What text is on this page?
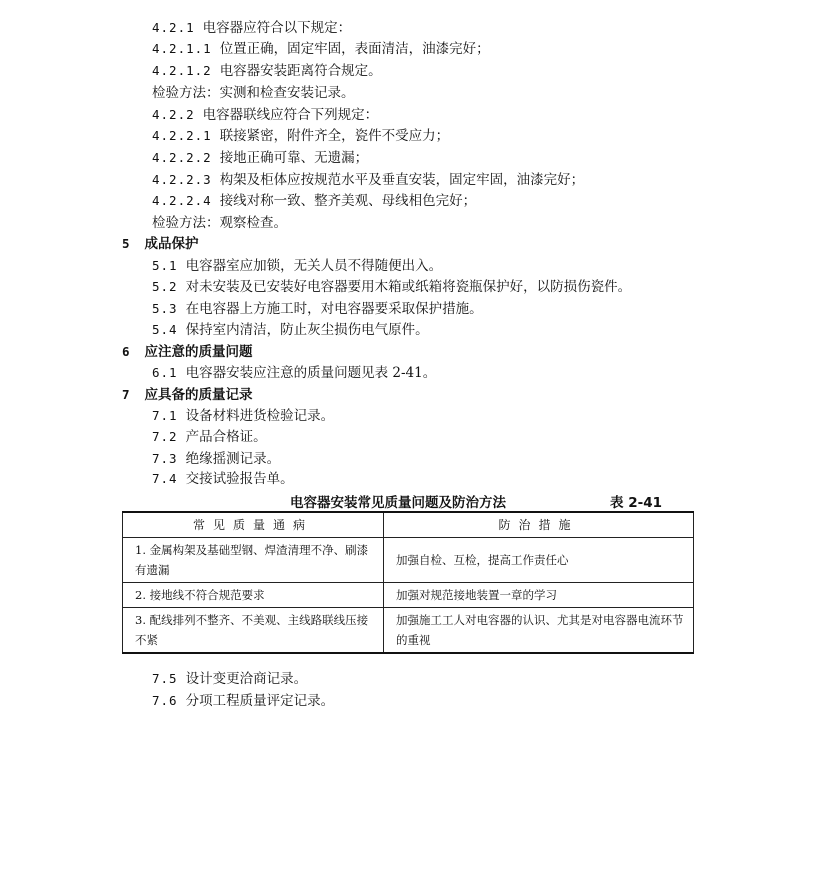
4.2.1 电容器应符合以下规定：
4.2.1.1 位置正确，固定牢固，表面清洁，油漆完好；
4.2.1.2 电容器安装距离符合规定。
检验方法：实测和检查安装记录。
4.2.2 电容器联线应符合下列规定：
4.2.2.1 联接紧密，附件齐全，瓷件不受应力；
4.2.2.2 接地正确可靠、无遗漏；
4.2.2.3 构架及柜体应按规范水平及垂直安装，固定牢固，油漆完好；
4.2.2.4 接线对称一致、整齐美观、母线相色完好；
检验方法：观察检查。
5 成品保护
5.1 电容器室应加锁，无关人员不得随便出入。
5.2 对未安装及已安装好电容器要用木箱或纸箱将瓷瓶保护好，以防损伤瓷件。
5.3 在电容器上方施工时，对电容器要采取保护措施。
5.4 保持室内清洁，防止灰尘损伤电气原件。
6 应注意的质量问题
6.1 电容器安装应注意的质量问题见表 2-41。
7 应具备的质量记录
7.1 设备材料进货检验记录。
7.2 产品合格证。
7.3 绝缘摇测记录。
7.4 交接试验报告单。
电容器安装常见质量问题及防治方法	表 2-41
常见质量通病	防治措施
1. 金属构架及基础型钢、焊渣清理不净、刷漆有遗漏	加强自检、互检，提高工作责任心
2. 接地线不符合规范要求	加强对规范接地装置一章的学习
3. 配线排列不整齐、不美观、主线路联线压接不紧	加强施工工人对电容器的认识、尤其是对电容器电流环节的重视
7.5 设计变更洽商记录。
7.6 分项工程质量评定记录。
